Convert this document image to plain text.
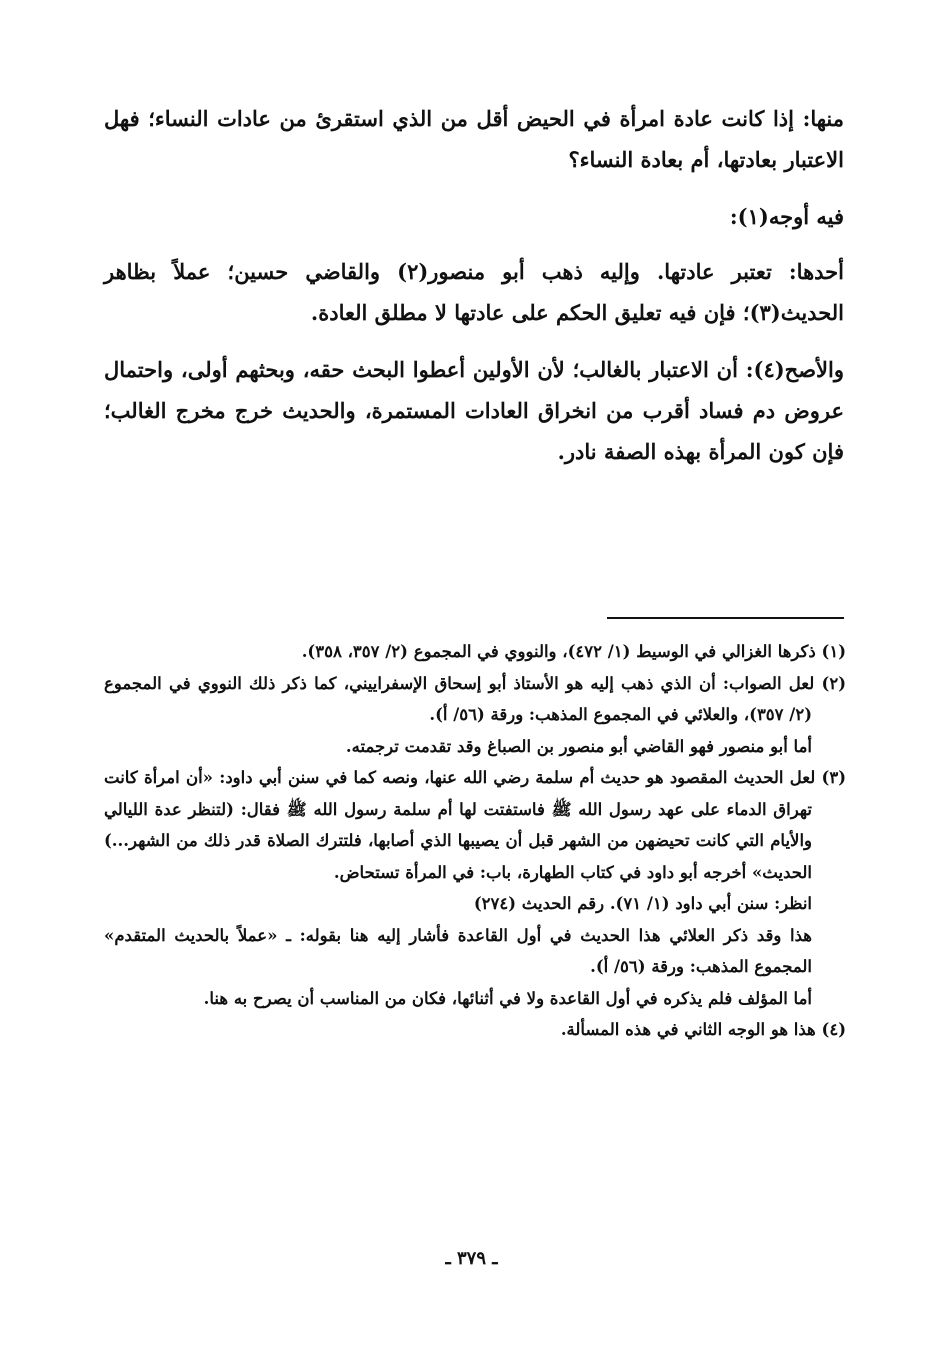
منها: إذا كانت عادة امرأة في الحيض أقل من الذي استقرئ من عادات النساء؛ فهل الاعتبار بعادتها، أم بعادة النساء؟

فيه أوجه(١):

أحدها: تعتبر عادتها. وإليه ذهب أبو منصور(٢) والقاضي حسين؛ عملاً بظاهر الحديث(٣)؛ فإن فيه تعليق الحكم على عادتها لا مطلق العادة.

والأصح(٤): أن الاعتبار بالغالب؛ لأن الأولين أعطوا البحث حقه، وبحثهم أولى، واحتمال عروض دم فساد أقرب من انخراق العادات المستمرة، والحديث خرج مخرج الغالب؛ فإن كون المرأة بهذه الصفة نادر.

(١) ذكرها الغزالي في الوسيط (١/ ٤٧٢)، والنووي في المجموع (٢/ ٣٥٧، ٣٥٨).

(٢) لعل الصواب: أن الذي ذهب إليه هو الأستاذ أبو إسحاق الإسفراييني، كما ذكر ذلك النووي في المجموع (٢/ ٣٥٧)، والعلائي في المجموع المذهب: ورقة (٥٦/ أ).

أما أبو منصور فهو القاضي أبو منصور بن الصباغ وقد تقدمت ترجمته.

(٣) لعل الحديث المقصود هو حديث أم سلمة رضي الله عنها، ونصه كما في سنن أبي داود: «أن امرأة كانت تهراق الدماء على عهد رسول الله ﷺ فاستفتت لها أم سلمة رسول الله ﷺ فقال: (لتنظر عدة الليالي والأيام التي كانت تحيضهن من الشهر قبل أن يصيبها الذي أصابها، فلتترك الصلاة قدر ذلك من الشهر...) الحديث» أخرجه أبو داود في كتاب الطهارة، باب: في المرأة تستحاض.

انظر: سنن أبي داود (١/ ٧١). رقم الحديث (٢٧٤)

هذا وقد ذكر العلائي هذا الحديث في أول القاعدة فأشار إليه هنا بقوله: ـ «عملاً بالحديث المتقدم» المجموع المذهب: ورقة (٥٦/ أ).

أما المؤلف فلم يذكره في أول القاعدة ولا في أثنائها، فكان من المناسب أن يصرح به هنا.

(٤) هذا هو الوجه الثاني في هذه المسألة.

ـ ٣٧٩ ـ
